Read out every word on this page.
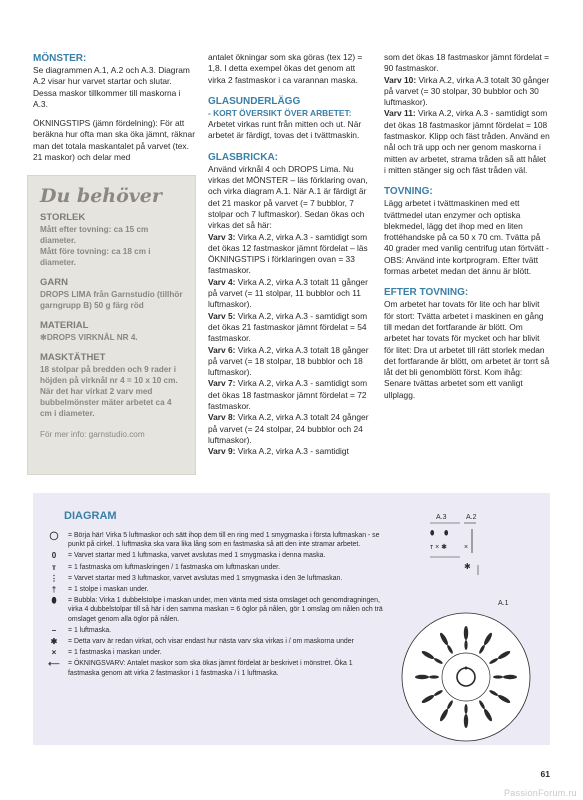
MÖNSTER:

Se diagrammen A.1, A.2 och A.3. Diagram A.2 visar hur varvet startar och slutar. Dessa maskor tillkommer till maskorna i A.3.

ÖKNINGSTIPS (jämn fördelning): För att beräkna hur ofta man ska öka jämnt, räknar man det totala maskantalet på varvet (tex. 21 maskor) och delar med

Du behöver
STORLEK

Mått efter tovning: ca 15 cm diameter.

Mått före tovning: ca 18 cm i diameter.

GARN

DROPS LIMA från Garnstudio (tillhör garngrupp B) 50 g färg röd

MATERIAL

✼DROPS VIRKNÅL NR 4.

MASKTÄTHET

18 stolpar på bredden och 9 rader i höjden på virknål nr 4 = 10 x 10 cm. När det har virkat 2 varv med bubbelmönster mäter arbetet ca 4 cm i diameter.

För mer info: garnstudio.com

antalet ökningar som ska göras (tex 12) = 1,8. I detta exempel ökas det genom att virka 2 fastmaskor i ca varannan maska.

GLASUNDERLÄGG
- KORT ÖVERSIKT ÖVER ARBETET:

Arbetet virkas runt från mitten och ut. När arbetet är färdigt, tovas det i tvättmaskin.

GLASBRICKA:

Använd virknål 4 och DROPS Lima. Nu virkas det MÖNSTER – läs förklaring ovan, och virka diagram A.1. När A.1 är färdigt är det 21 maskor på varvet (= 7 bubblor, 7 stolpar och 7 luftmaskor). Sedan ökas och virkas det så här:

Varv 3: Virka A.2, virka A.3 - samtidigt som det ökas 12 fastmaskor jämnt fördelat – läs ÖKNINGSTIPS i förklaringen ovan = 33 fastmaskor.

Varv 4: Virka A.2, virka A.3 totalt 11 gånger på varvet (= 11 stolpar, 11 bubblor och 11 luftmaskor).

Varv 5: Virka A.2, virka A.3 - samtidigt som det ökas 21 fastmaskor jämnt fördelat = 54 fastmaskor.

Varv 6: Virka A.2, virka A.3 totalt 18 gånger på varvet (= 18 stolpar, 18 bubblor och 18 luftmaskor).

Varv 7: Virka A.2, virka A.3 - samtidigt som det ökas 18 fastmaskor jämnt fördelat = 72 fastmaskor.

Varv 8: Virka A.2, virka A.3 totalt 24 gånger på varvet (= 24 stolpar, 24 bubblor och 24 luftmaskor).

Varv 9: Virka A.2, virka A.3 - samtidigt

som det ökas 18 fastmaskor jämnt fördelat = 90 fastmaskor.

Varv 10: Virka A.2, virka A.3 totalt 30 gånger på varvet (= 30 stolpar, 30 bubblor och 30 luftmaskor).

Varv 11: Virka A.2, virka A.3 - samtidigt som det ökas 18 fastmaskor jämnt fördelat = 108 fastmaskor. Klipp och fäst tråden. Använd en nål och trä upp och ner genom maskorna i mitten av arbetet, strama tråden så att hålet i mitten stänger sig och fäst tråden väl.

TOVNING:

Lägg arbetet i tvättmaskinen med ett tvättmedel utan enzymer och optiska blekmedel, lägg det ihop med en liten frottéhandske på ca 50 x 70 cm. Tvätta på 40 grader med vanlig centrifug utan förtvätt - OBS: Använd inte kortprogram. Efter tvätt formas arbetet medan det ännu är blött.

EFTER TOVNING:

Om arbetet har tovats för lite och har blivit för stort: Tvätta arbetet i maskinen en gång till medan det fortfarande är blött. Om arbetet har tovats för mycket och har blivit för litet: Dra ut arbetet till rätt storlek medan det fortfarande är blött, om arbetet är torrt så låt det bli genomblött först. Kom ihåg: Senare tvättas arbetet som ett vanligt ullplagg.

DIAGRAM
◯	= Börja här! Virka 5 luftmaskor och sätt ihop dem till en ring med 1 smygmaska i första luftmaskan - se punkt på cirkel. 1 luftmaska ska vara lika lång som en fastmaska så att den inte stramar arbetet.
0	= Varvet startar med 1 luftmaska, varvet avslutas med 1 smygmaska i denna maska.
т	= 1 fastmaska om luftmaskringen / 1 fastmaska om luftmaskan under.
⋮	= Varvet startar med 3 luftmaskor, varvet avslutas med 1 smygmaska i den 3e luftmaskan.
†	= 1 stolpe i maskan under.
⬮	= Bubbla: Virka 1 dubbelstolpe i maskan under, men vänta med sista omslaget och genomdragningen, virka 4 dubbelstolpar till så här i den samma maskan = 6 öglor på nålen, gör 1 omslag om nålen och trä omslaget genom alla öglor på nålen.
–	= 1 luftmaska.
✱	= Detta varv är redan virkat, och visar endast hur nästa varv ska virkas i / om maskorna under
×	= 1 fastmaska i maskan under.
⟵	= ÖKNINGSVARV: Antalet maskor som ska ökas jämnt fördelat är beskrivet i mönstret. Öka 1 fastmaska genom att virka 2 fastmaskor i 1 fastmaska / i 1 luftmaska.
A.3	A.2
⬮ ⬮
т × ✱ ×
✱
A.1
61
PassionForum.ru
